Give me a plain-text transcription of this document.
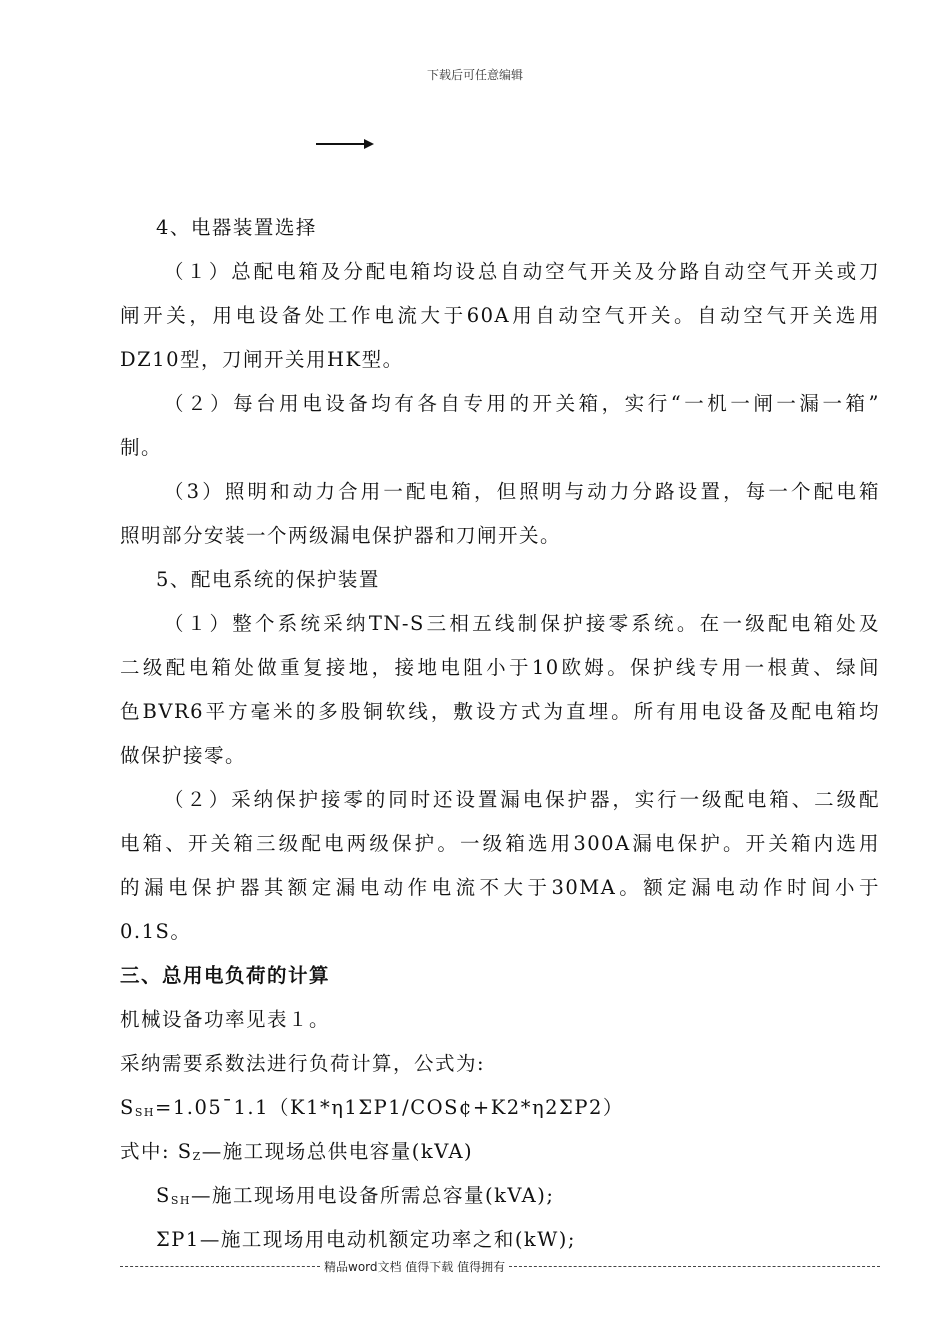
下载后可任意编辑
4、电器装置选择
（１）总配电箱及分配电箱均设总自动空气开关及分路自动空气开关或刀
闸开关，用电设备处工作电流大于60A用自动空气开关。自动空气开关选用
DZ10型，刀闸开关用HK型。
（２）每台用电设备均有各自专用的开关箱，实行“一机一闸一漏一箱”
制。
（3）照明和动力合用一配电箱，但照明与动力分路设置，每一个配电箱
照明部分安装一个两级漏电保护器和刀闸开关。
5、配电系统的保护装置
（１）整个系统采纳TN-S三相五线制保护接零系统。在一级配电箱处及
二级配电箱处做重复接地，接地电阻小于10欧姆。保护线专用一根黄、绿间
色BVR6平方毫米的多股铜软线，敷设方式为直埋。所有用电设备及配电箱均
做保护接零。
（２）采纳保护接零的同时还设置漏电保护器，实行一级配电箱、二级配
电箱、开关箱三级配电两级保护。一级箱选用300A漏电保护。开关箱内选用
的漏电保护器其额定漏电动作电流不大于30MA。额定漏电动作时间小于
0.1S。
三、总用电负荷的计算
机械设备功率见表１。
采纳需要系数法进行负荷计算，公式为:
$S_{SH}=1.05¯1.1(K1*\eta 1\Sigma P1/COS¢+K2*\eta 2\Sigma P2)$
式中: $S_Z—$施工现场总供电容量(kVA)
$S_{SH}—$施工现场用电设备所需总容量(kVA);
ΣP1—施工现场用电动机额定功率之和(kW);
精品word文档 值得下载 值得拥有
